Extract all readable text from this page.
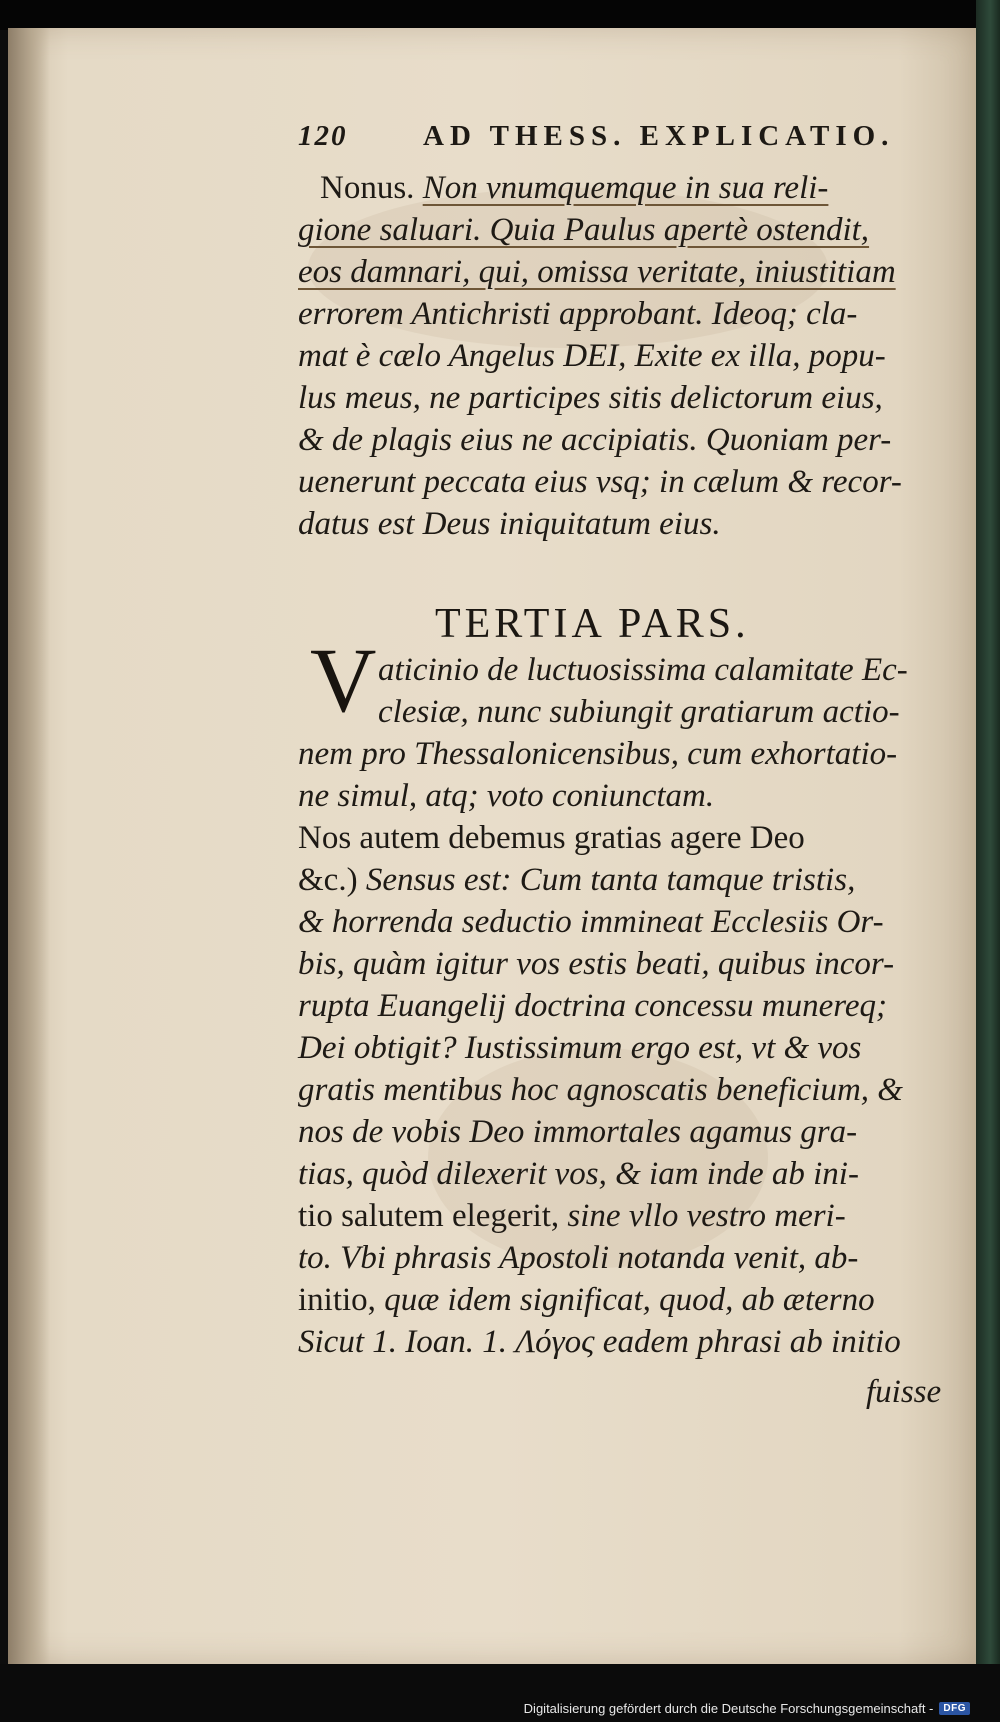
120	AD THESS. EXPLICATIO.
Nonus. Non vnumquemque in sua reli-
gione saluari. Quia Paulus apertè ostendit,
eos damnari, qui, omissa veritate, iniustitiam
errorem Antichristi approbant. Ideoq; cla-
mat è cælo Angelus DEI, Exite ex illa, popu-
lus meus, ne participes sitis delictorum eius,
& de plagis eius ne accipiatis. Quoniam per-
uenerunt peccata eius vsq; in cælum & recor-
datus est Deus iniquitatum eius.
TERTIA PARS.
V aticinio de luctuosissima calamitate Ec-
clesiæ, nunc subiungit gratiarum actio-
nem pro Thessalonicensibus, cum exhortatio-
ne simul, atq; voto coniunctam.
Nos autem debemus gratias agere Deo
&c.) Sensus est: Cum tanta tamque tristis,
& horrenda seductio immineat Ecclesiis Or-
bis, quàm igitur vos estis beati, quibus incor-
rupta Euangelij doctrina concessu munereq;
Dei obtigit? Iustissimum ergo est, vt & vos
gratis mentibus hoc agnoscatis beneficium, &
nos de vobis Deo immortales agamus gra-
tias, quòd dilexerit vos, & iam inde ab ini-
tio salutem elegerit, sine vllo vestro meri-
to. Vbi phrasis Apostoli notanda venit, ab-
initio, quæ idem significat, quod, ab æterno
Sicut 1. Ioan. 1. Λόγος eadem phrasi ab initio
fuisse
Digitalisierung gefördert durch die Deutsche Forschungsgemeinschaft -	DFG
